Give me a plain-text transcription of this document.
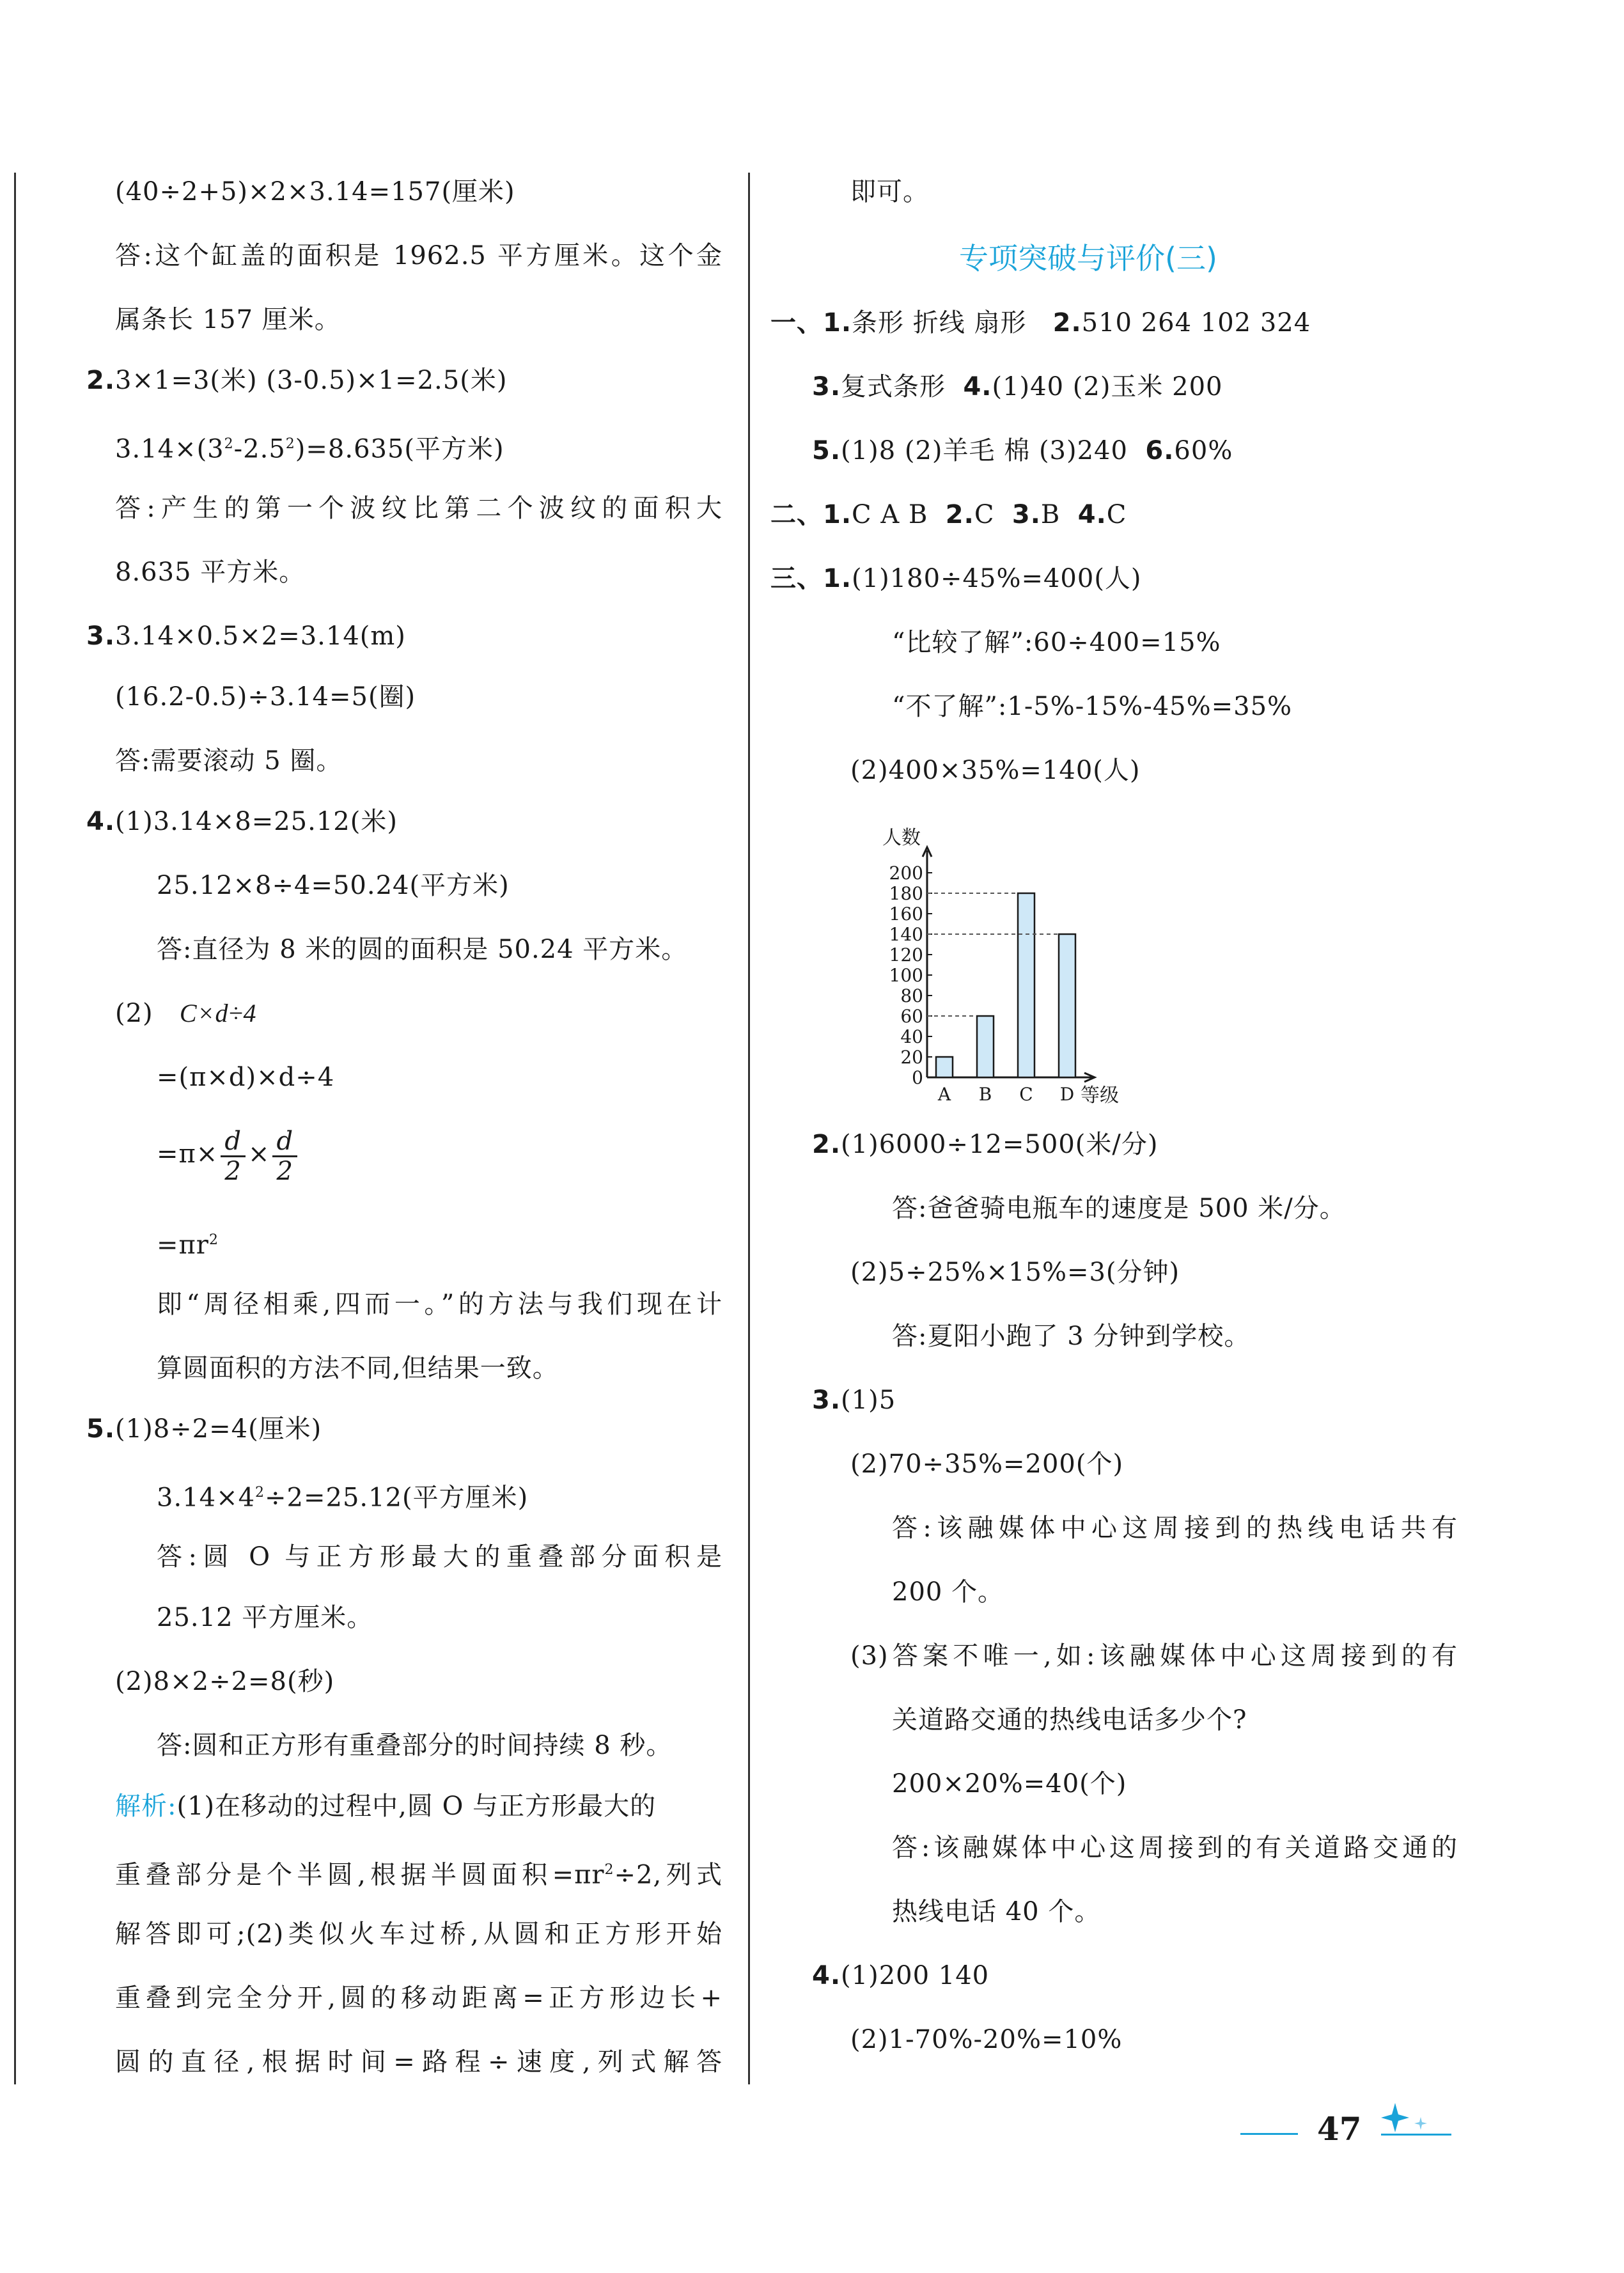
(40÷2+5)×2×3.14=157(厘米)
答:这个缸盖的面积是 1962.5 平方厘米。这个金
属条长 157 厘米。
2.3×1=3(米) (3-0.5)×1=2.5(米)
$3.14\times(3^2-2.5^2)=8.635$(平方米)
答:产生的第一个波纹比第二个波纹的面积大
8.635 平方米。
3.3.14×0.5×2=3.14(m)
(16.2-0.5)÷3.14=5(圈)
答:需要滚动 5 圈。
4.(1)3.14×8=25.12(米)
25.12×8÷4=50.24(平方米)
答:直径为 8 米的圆的面积是 50.24 平方米。
(2) C×d÷4
=(π×d)×d÷4
$=\pi\times \frac{d}{2} \times \frac{d}{2}$
$=\pi r^2$
即“周径相乘,四而一。”的方法与我们现在计
算圆面积的方法不同,但结果一致。
5.(1)8÷2=4(厘米)
$3.14\times 4^2\div 2=25.12$(平方厘米)
答:圆 O 与正方形最大的重叠部分面积是
25.12 平方厘米。
(2)8×2÷2=8(秒)
答:圆和正方形有重叠部分的时间持续 8 秒。
解析:(1)在移动的过程中,圆 O 与正方形最大的
重叠部分是个半圆,根据半圆面积$=\pi r^2\div 2$,列式
解答即可;(2)类似火车过桥,从圆和正方形开始
重叠到完全分开,圆的移动距离=正方形边长+
圆的直径,根据时间=路程÷速度,列式解答
即可。
专项突破与评价(三)
一、1.条形 折线 扇形 2.510 264 102 324
3.复式条形 4.(1)40 (2)玉米 200
5.(1)8 (2)羊毛 棉 (3)240 6.60%
二、1.C A B 2.C 3.B 4.C
三、1.(1)180÷45%=400(人)
“比较了解”:60÷400=15%
“不了解”:1-5%-15%-45%=35%
(2)400×35%=140(人)
人数
0
20
40
60
80
100
120
140
160
180
200
A B C D 等级
2.(1)6000÷12=500(米/分)
答:爸爸骑电瓶车的速度是 500 米/分。
(2)5÷25%×15%=3(分钟)
答:夏阳小跑了 3 分钟到学校。
3.(1)5
(2)70÷35%=200(个)
答:该融媒体中心这周接到的热线电话共有
200 个。
(3)答案不唯一,如:该融媒体中心这周接到的有
关道路交通的热线电话多少个?
200×20%=40(个)
答:该融媒体中心这周接到的有关道路交通的
热线电话 40 个。
4.(1)200 140
(2)1-70%-20%=10%
47
